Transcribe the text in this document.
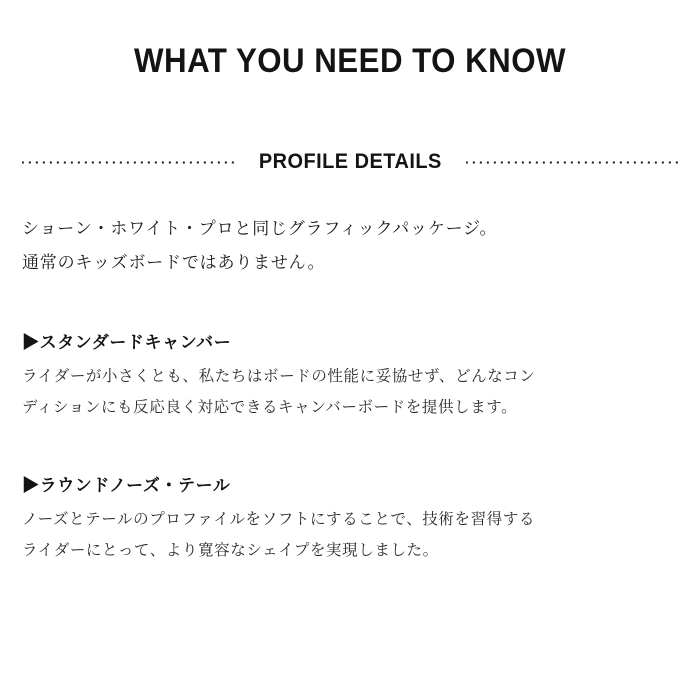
WHAT YOU NEED TO KNOW
PROFILE DETAILS
ショーン・ホワイト・プロと同じグラフィックパッケージ。
通常のキッズボードではありません。
▶スタンダードキャンバー
ライダーが小さくとも、私たちはボードの性能に妥協せず、どんなコン
ディションにも反応良く対応できるキャンバーボードを提供します。
▶ラウンドノーズ・テール
ノーズとテールのプロファイルをソフトにすることで、技術を習得する
ライダーにとって、より寛容なシェイプを実現しました。
